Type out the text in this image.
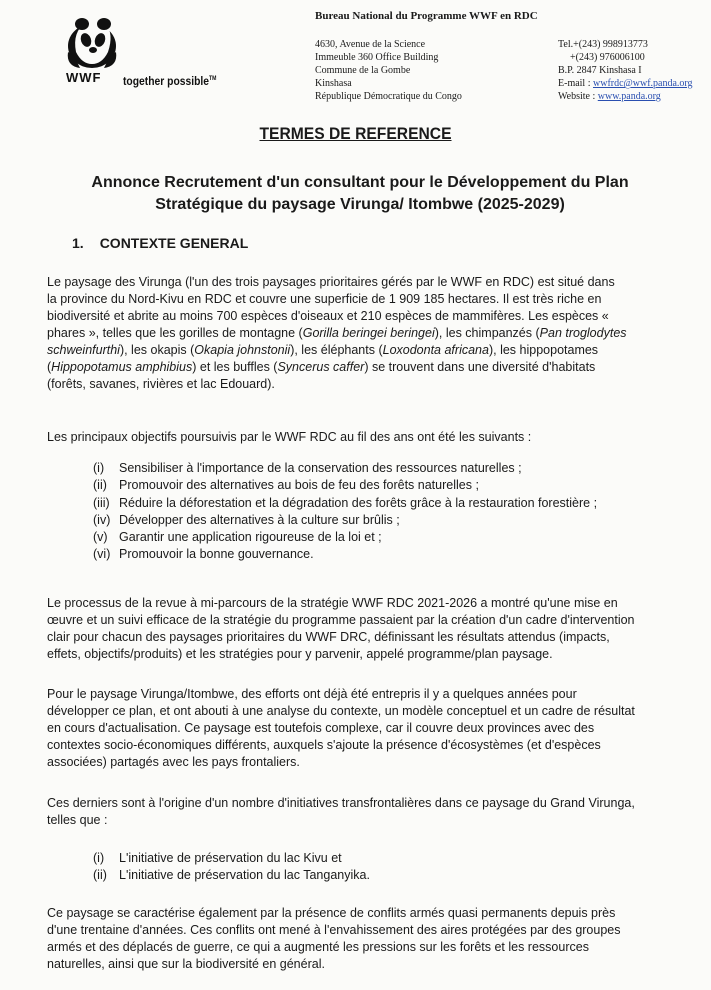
WWF together possible™
Bureau National du Programme WWF en RDC
4630, Avenue de la Science
Immeuble 360 Office Building
Commune de la Gombe
Kinshasa
République Démocratique du Congo
Tel.+(243) 998913773
+(243) 976006100
B.P. 2847 Kinshasa I
E-mail : wwfrdc@wwf.panda.org
Website : www.panda.org
TERMES DE REFERENCE
Annonce Recrutement d'un consultant pour le Développement du Plan
Stratégique du paysage Virunga/ Itombwe (2025-2029)
1. CONTEXTE GENERAL
Le paysage des Virunga (l'un des trois paysages prioritaires gérés par le WWF en RDC) est situé dans
la province du Nord-Kivu en RDC et couvre une superficie de 1 909 185 hectares. Il est très riche en
biodiversité et abrite au moins 700 espèces d'oiseaux et 210 espèces de mammifères. Les espèces «
phares », telles que les gorilles de montagne (Gorilla beringei beringei), les chimpanzés (Pan troglodytes
schweinfurthi), les okapis (Okapia johnstonii), les éléphants (Loxodonta africana), les hippopotames
(Hippopotamus amphibius) et les buffles (Syncerus caffer) se trouvent dans une diversité d'habitats
(forêts, savanes, rivières et lac Edouard).
Les principaux objectifs poursuivis par le WWF RDC au fil des ans ont été les suivants :
(i)	Sensibiliser à l'importance de la conservation des ressources naturelles ;
(ii) Promouvoir des alternatives au bois de feu des forêts naturelles ;
(iii) Réduire la déforestation et la dégradation des forêts grâce à la restauration forestière ;
(iv) Développer des alternatives à la culture sur brûlis ;
(v) Garantir une application rigoureuse de la loi et ;
(vi) Promouvoir la bonne gouvernance.
Le processus de la revue à mi-parcours de la stratégie WWF RDC 2021-2026 a montré qu'une mise en
œuvre et un suivi efficace de la stratégie du programme passaient par la création d'un cadre d'intervention
clair pour chacun des paysages prioritaires du WWF DRC, définissant les résultats attendus (impacts,
effets, objectifs/produits) et les stratégies pour y parvenir, appelé programme/plan paysage.
Pour le paysage Virunga/Itombwe, des efforts ont déjà été entrepris il y a quelques années pour
développer ce plan, et ont abouti à une analyse du contexte, un modèle conceptuel et un cadre de résultat
en cours d'actualisation. Ce paysage est toutefois complexe, car il couvre deux provinces avec des
contextes socio-économiques différents, auxquels s'ajoute la présence d'écosystèmes (et d'espèces
associées) partagés avec les pays frontaliers.
Ces derniers sont à l'origine d'un nombre d'initiatives transfrontalières dans ce paysage du Grand Virunga,
telles que :
(i)	L'initiative de préservation du lac Kivu et
(ii) L'initiative de préservation du lac Tanganyika.
Ce paysage se caractérise également par la présence de conflits armés quasi permanents depuis près
d'une trentaine d'années. Ces conflits ont mené à l'envahissement des aires protégées par des groupes
armés et des déplacés de guerre, ce qui a augmenté les pressions sur les forêts et les ressources
naturelles, ainsi que sur la biodiversité en général.
